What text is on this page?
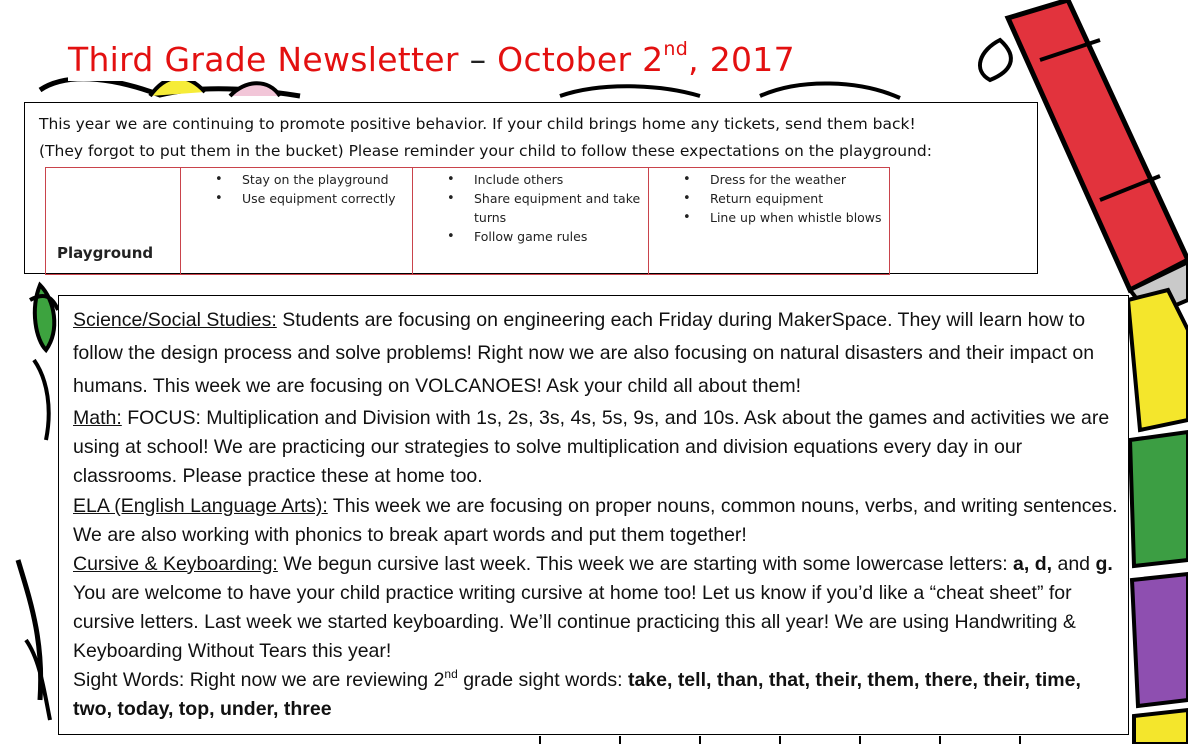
Third Grade Newsletter – October 2nd, 2017
This year we are continuing to promote positive behavior. If your child brings home any tickets, send them back!
(They forgot to put them in the bucket) Please reminder your child to follow these expectations on the playground:
Playground	
• Stay on the playground
• Use equipment correctly

• Include others
• Share equipment and take turns
• Follow game rules

• Dress for the weather
• Return equipment
• Line up when whistle blows

Science/Social Studies: Students are focusing on engineering each Friday during MakerSpace. They will learn how to follow the design process and solve problems! Right now we are also focusing on natural disasters and their impact on humans. This week we are focusing on VOLCANOES! Ask your child all about them!

Math: FOCUS: Multiplication and Division with 1s, 2s, 3s, 4s, 5s, 9s, and 10s. Ask about the games and activities we are using at school! We are practicing our strategies to solve multiplication and division equations every day in our classrooms. Please practice these at home too.

ELA (English Language Arts): This week we are focusing on proper nouns, common nouns, verbs, and writing sentences. We are also working with phonics to break apart words and put them together!

Cursive & Keyboarding: We begun cursive last week. This week we are starting with some lowercase letters: a, d, and g. You are welcome to have your child practice writing cursive at home too! Let us know if you’d like a “cheat sheet” for cursive letters. Last week we started keyboarding. We’ll continue practicing this all year! We are using Handwriting & Keyboarding Without Tears this year!

Sight Words: Right now we are reviewing 2nd grade sight words: take, tell, than, that, their, them, there, their, time, two, today, top, under, three
